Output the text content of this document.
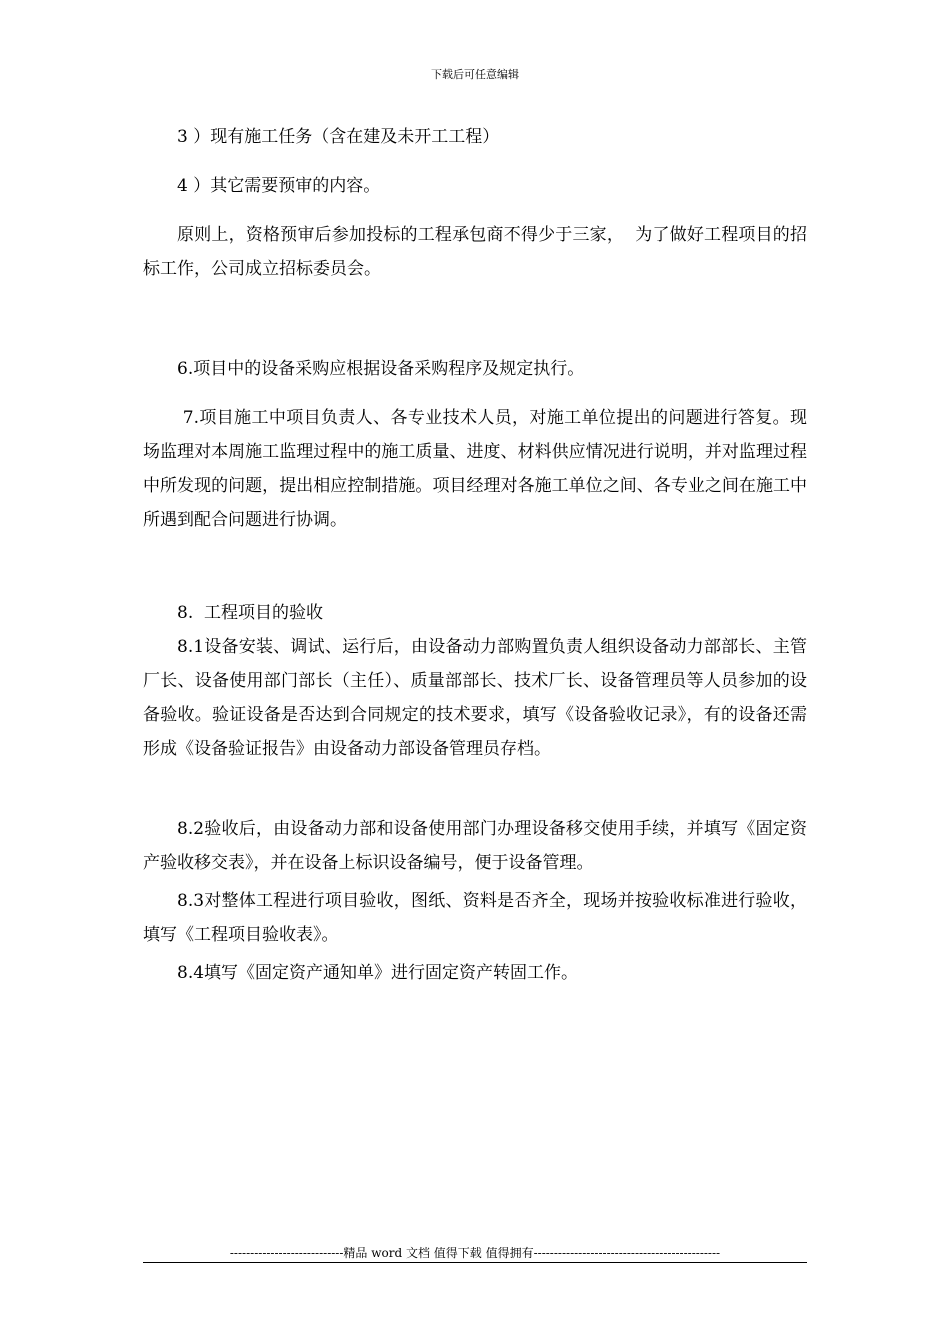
下载后可任意编辑

3 ）现有施工任务（含在建及未开工工程）

4 ）其它需要预审的内容。

原则上，资格预审后参加投标的工程承包商不得少于三家，  为了做好工程项目的招标工作，公司成立招标委员会。

6.项目中的设备采购应根据设备采购程序及规定执行。

7.项目施工中项目负责人、各专业技术人员，对施工单位提出的问题进行答复。现场监理对本周施工监理过程中的施工质量、进度、材料供应情况进行说明，并对监理过程中所发现的问题，提出相应控制措施。项目经理对各施工单位之间、各专业之间在施工中所遇到配合问题进行协调。

8.  工程项目的验收

8.1设备安装、调试、运行后，由设备动力部购置负责人组织设备动力部部长、主管厂长、设备使用部门部长（主任）、质量部部长、技术厂长、设备管理员等人员参加的设备验收。验证设备是否达到合同规定的技术要求，填写《设备验收记录》，有的设备还需形成《设备验证报告》由设备动力部设备管理员存档。

8.2验收后，由设备动力部和设备使用部门办理设备移交使用手续，并填写《固定资产验收移交表》，并在设备上标识设备编号，便于设备管理。

8.3对整体工程进行项目验收，图纸、资料是否齐全，现场并按验收标准进行验收，填写《工程项目验收表》。

8.4填写《固定资产通知单》进行固定资产转固工作。

----------------------------精品 word 文档 值得下载 值得拥有----------------------------------------------
